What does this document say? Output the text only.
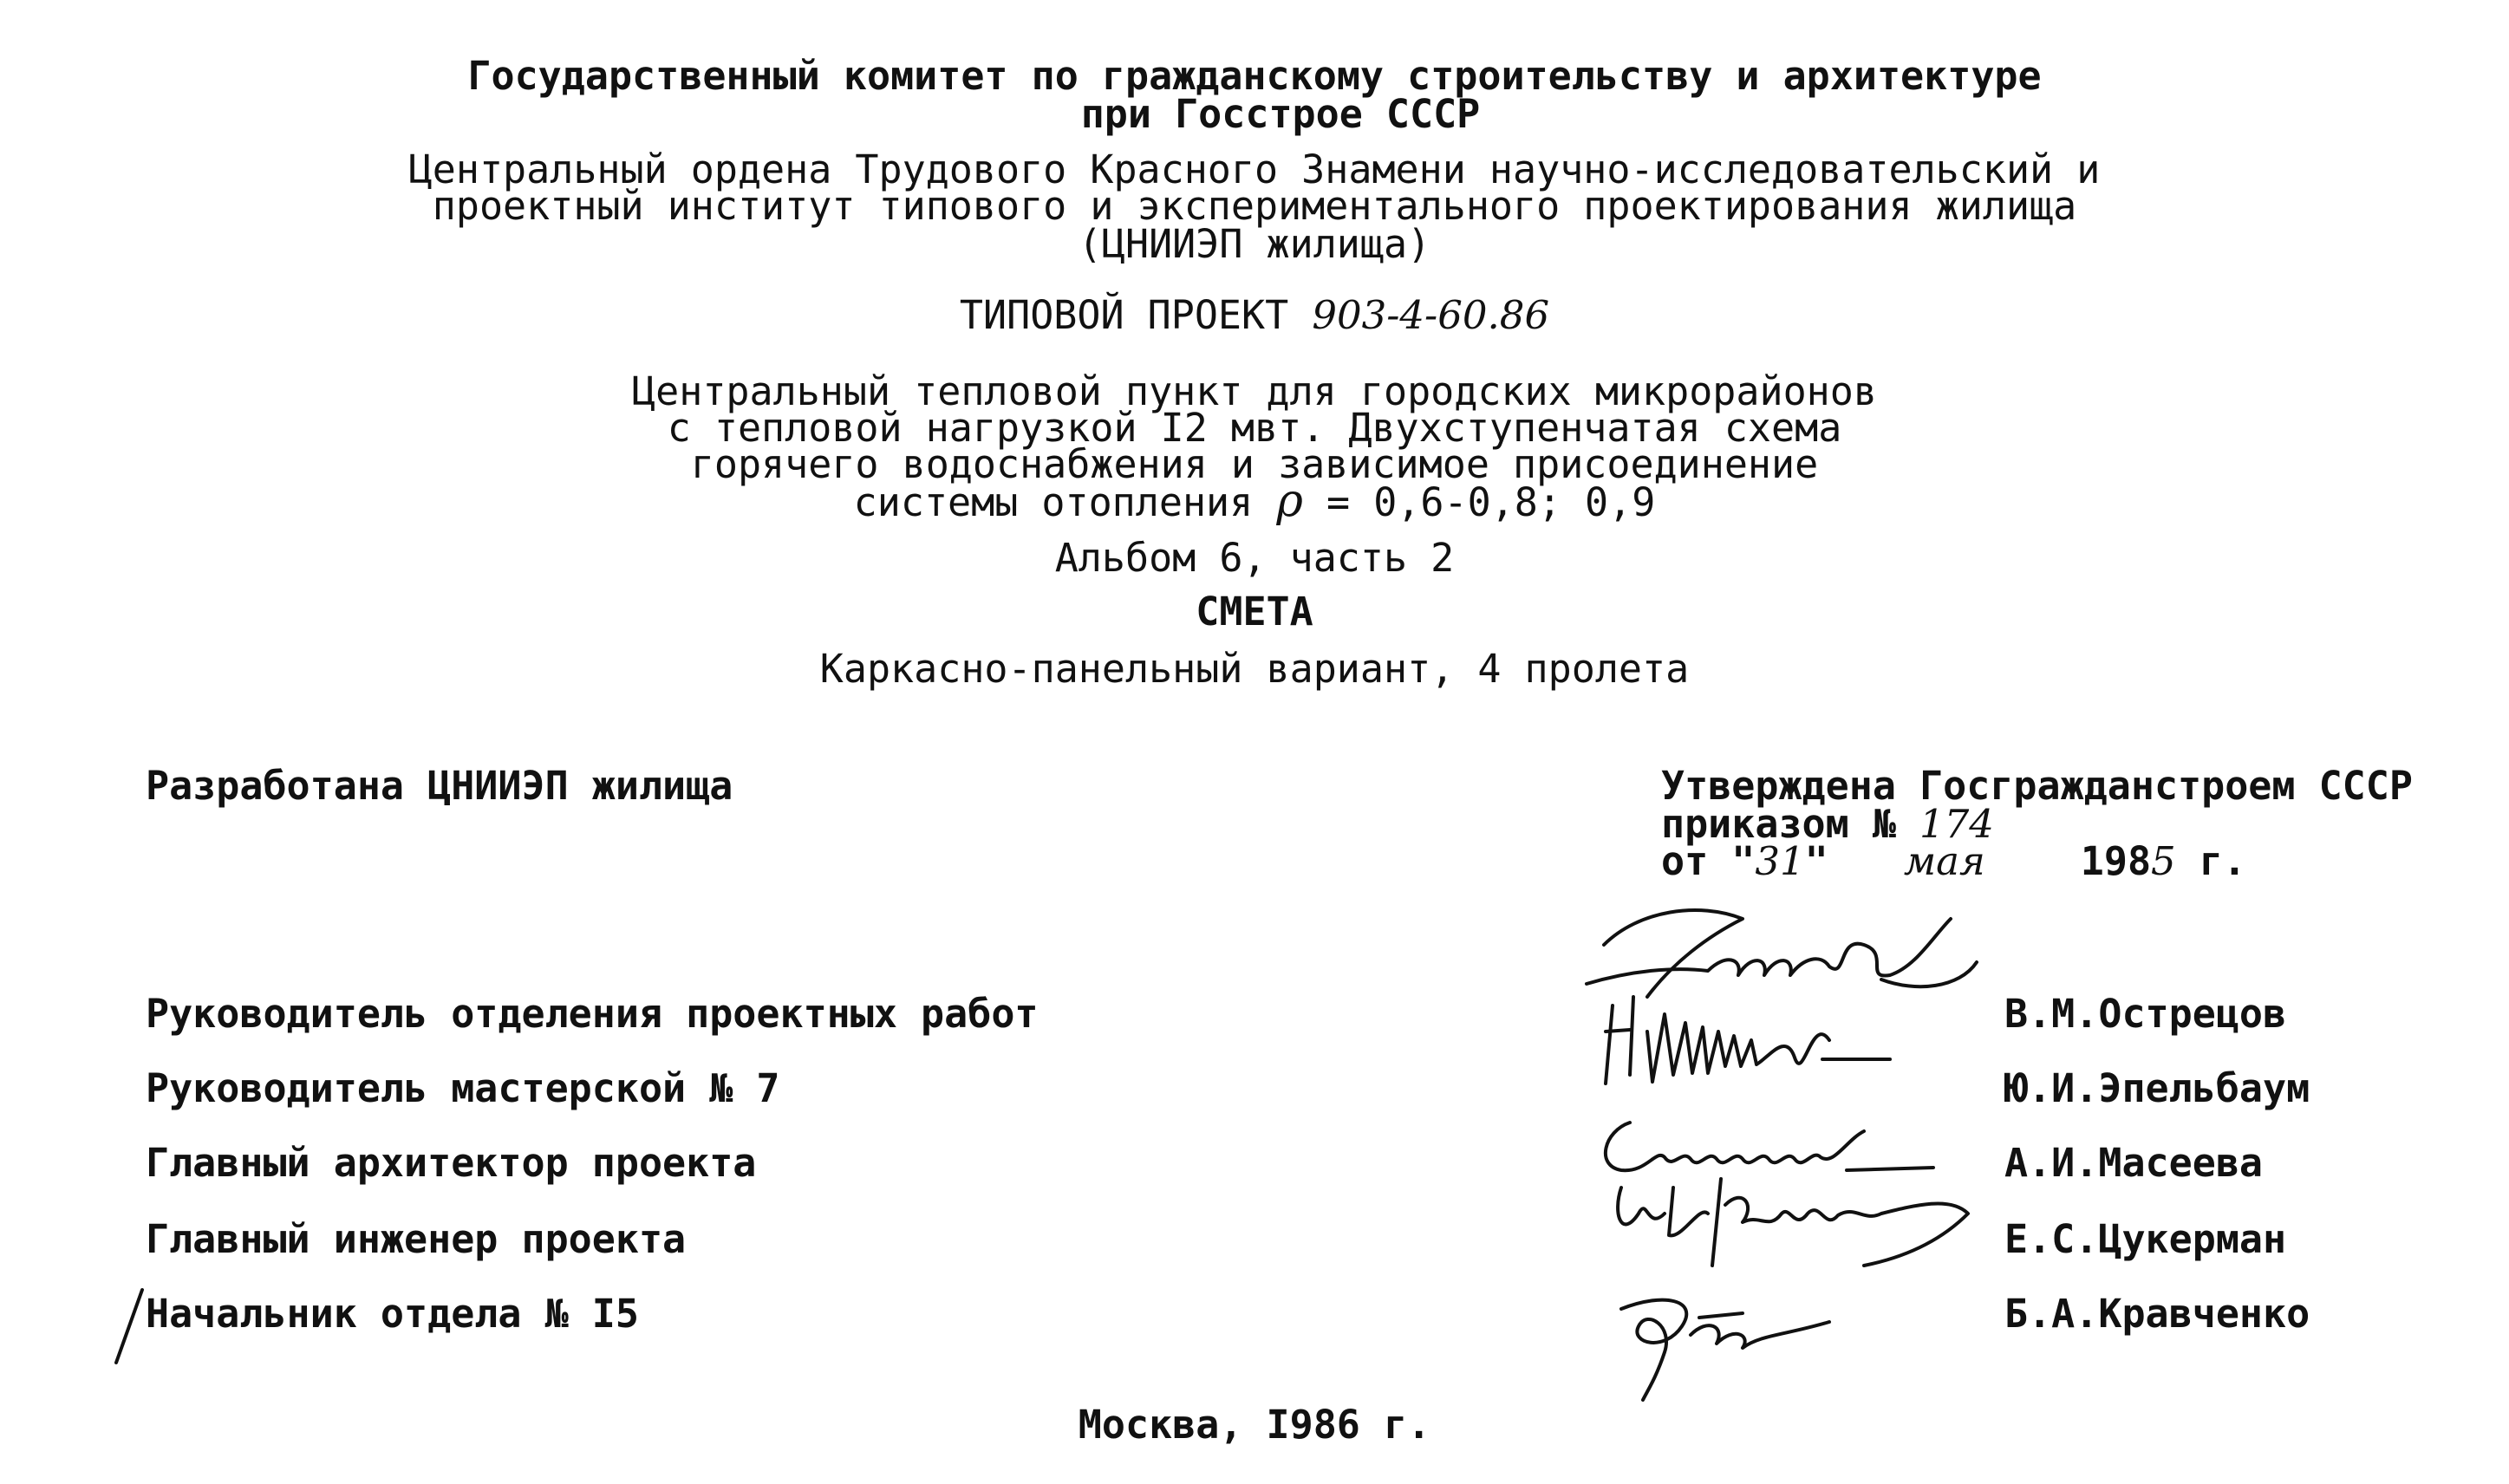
Государственный комитет по гражданскому строительству и архитектуре
при Госстрое СССР
Центральный ордена Трудового Красного Знамени научно-исследовательский и
проектный институт типового и экспериментального проектирования жилища
(ЦНИИЭП жилища)
ТИПОВОЙ ПРОЕКТ 903-4-60.86
Центральный тепловой пункт для городских микрорайонов
с тепловой нагрузкой I2 мвт. Двухступенчатая схема
горячего водоснабжения и зависимое присоединение
системы отопления ρ = 0,6-0,8; 0,9
Альбом 6, часть 2
СМЕТА
Каркасно-панельный вариант, 4 пролета
Разработана ЦНИИЭП жилища	Утверждена Госгражданстроем СССР
приказом № 174
от "31" мая 1985 г.
Руководитель отделения проектных работ
Руководитель мастерской № 7
Главный архитектор проекта
Главный инженер проекта
Начальник отдела № I5
В.М.Острецов
Ю.И.Эпельбаум
А.И.Масеева
Е.С.Цукерман
Б.А.Кравченко
Москва, I986 г.
